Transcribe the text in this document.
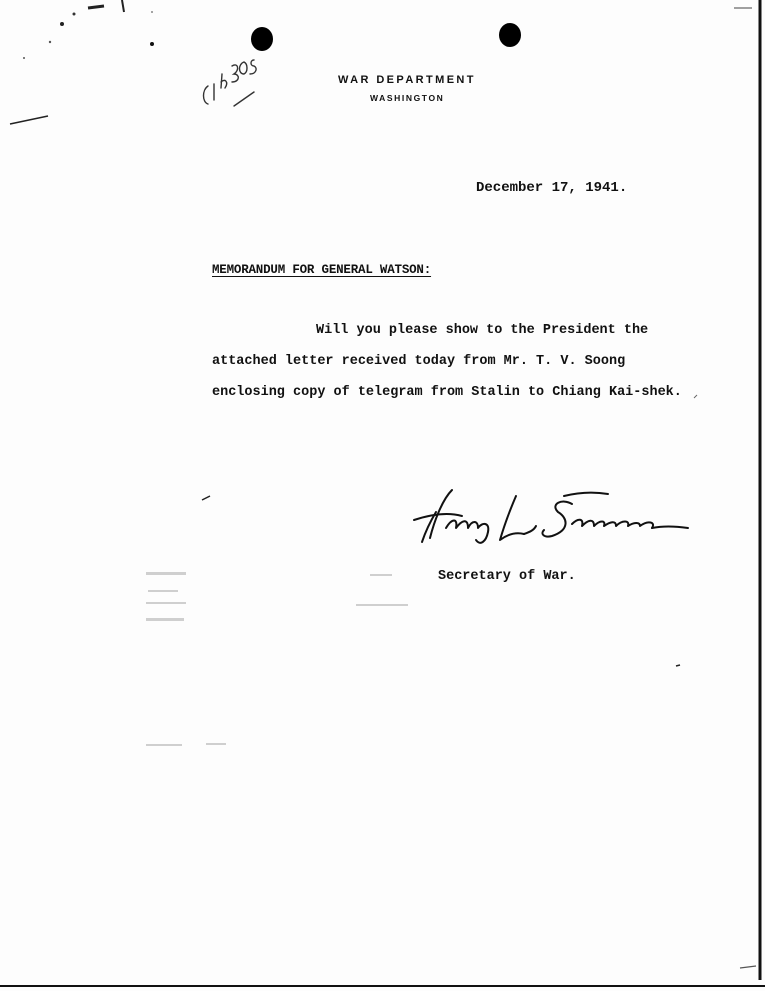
WAR DEPARTMENT
WASHINGTON
December 17, 1941.
MEMORANDUM FOR GENERAL WATSON:
Will you please show to the President the
attached letter received today from Mr. T. V. Soong
enclosing copy of telegram from Stalin to Chiang Kai-shek.
Secretary of War.
